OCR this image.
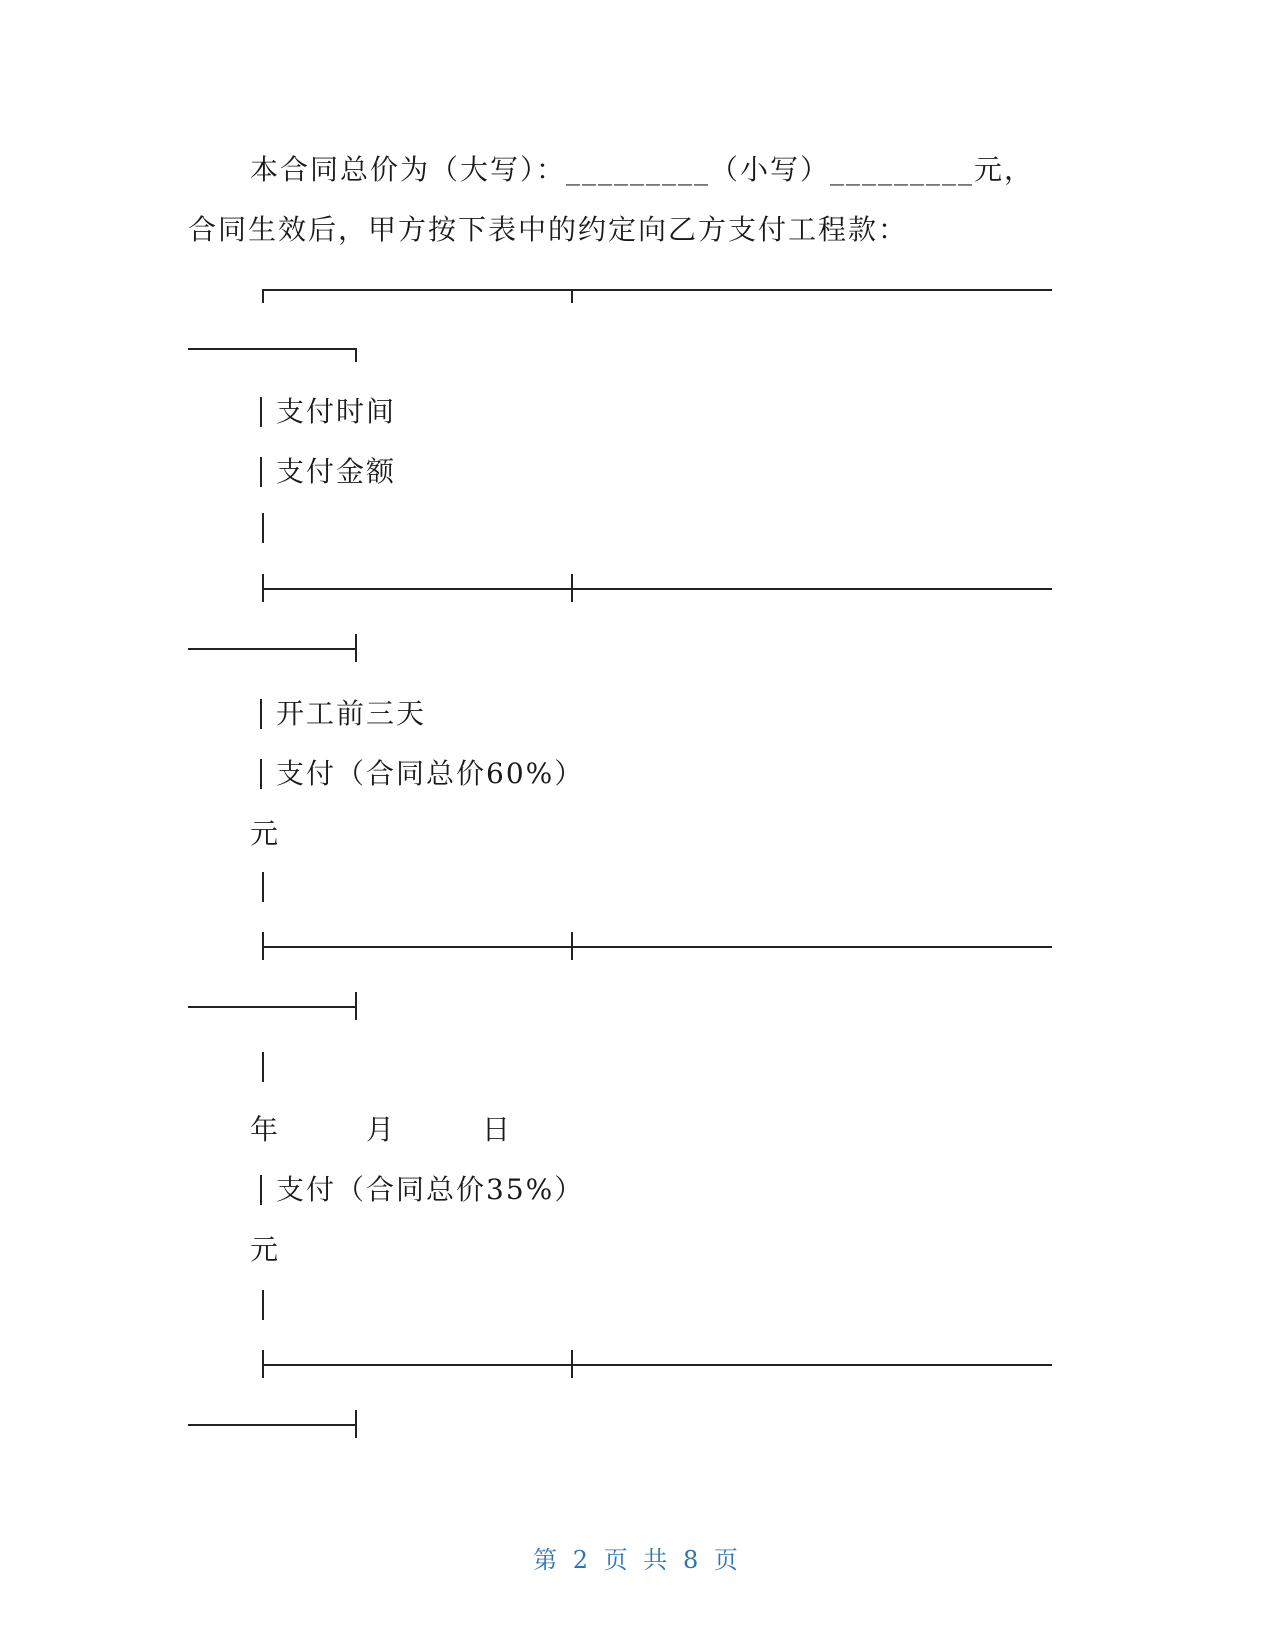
本合同总价为（大写）：_________（小写）_________元，
合同生效后，甲方按下表中的约定向乙方支付工程款：
支付时间
支付金额
开工前三天
支付（合同总价60%）
元
年　　　月　　　日
支付（合同总价35%）
元
第 2 页 共 8 页
